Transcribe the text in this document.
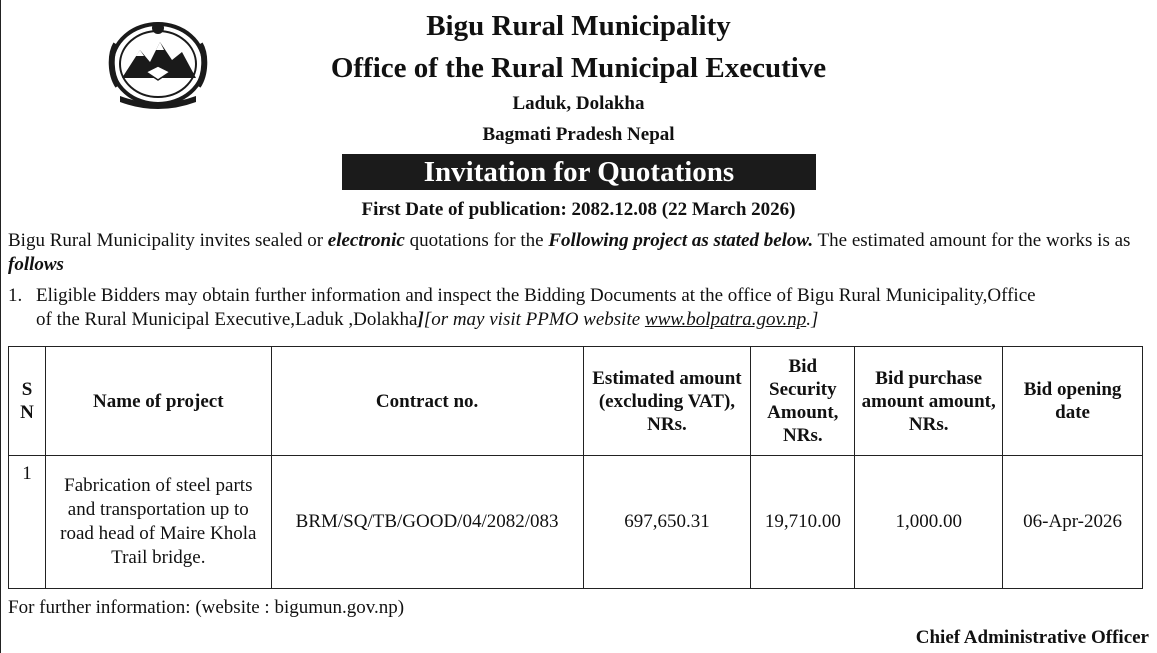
Bigu Rural Municipality
Office of the Rural Municipal Executive
Laduk, Dolakha
Bagmati Pradesh Nepal
Invitation for Quotations
First Date of publication: 2082.12.08 (22 March 2026)
Bigu Rural Municipality invites sealed or electronic quotations for the Following project as stated below. The estimated amount for the works is as follows
1. Eligible Bidders may obtain further information and inspect the Bidding Documents at the office of Bigu Rural Municipality,Office
of the Rural Municipal Executive,Laduk ,Dolakha][or may visit PPMO website www.bolpatra.gov.np.]
S N	Name of project	Contract no.	Estimated amount (excluding VAT), NRs.	Bid Security Amount, NRs.	Bid purchase amount amount, NRs.	Bid opening date
1	Fabrication of steel parts and transportation up to road head of Maire Khola Trail bridge.	BRM/SQ/TB/GOOD/04/2082/083	697,650.31	19,710.00	1,000.00	06-Apr-2026
For further information: (website : bigumun.gov.np)
Chief Administrative Officer
